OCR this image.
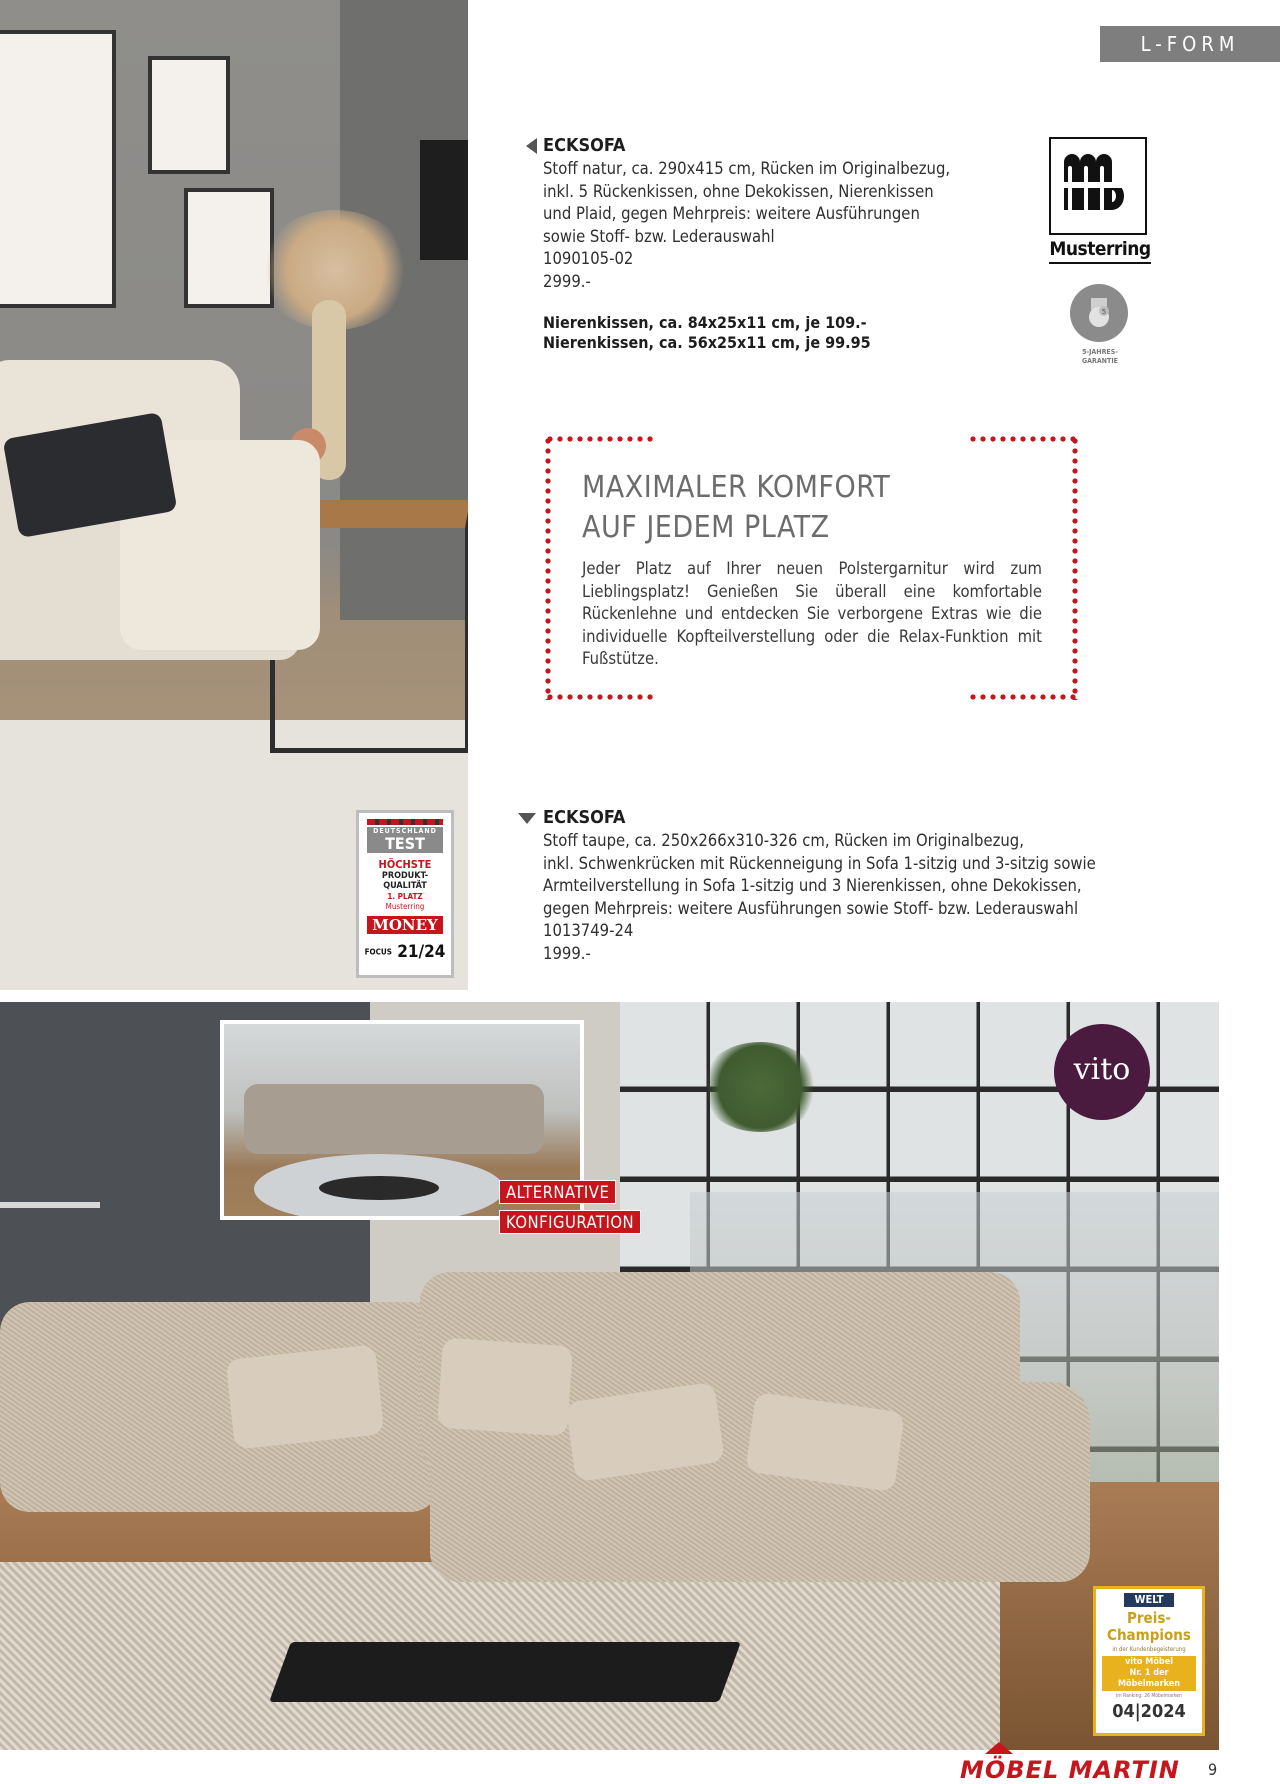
DEUTSCHLAND
TEST
HÖCHSTE
PRODUKT-
QUALITÄT
1. PLATZ
Musterring
MONEY
FOCUS 21/24
L-FORM
ECKSOFA
Stoff natur, ca. 290x415 cm, Rücken im Originalbezug,
inkl. 5 Rückenkissen, ohne Dekokissen, Nierenkissen
und Plaid, gegen Mehrpreis: weitere Ausführungen
sowie Stoff- bzw. Lederauswahl
1090105-02
2999.-
Nierenkissen, ca. 84x25x11 cm, je 109.-
Nierenkissen, ca. 56x25x11 cm, je 99.95
Musterring
5
5-JAHRES-
GARANTIE
MAXIMALER KOMFORT
AUF JEDEM PLATZ
Jeder Platz auf Ihrer neuen Polstergarnitur wird zum Lieblingsplatz! Genießen Sie überall eine komfortable Rückenlehne und entdecken Sie verborgene Extras wie die individuelle Kopfteilverstellung oder die Relax-Funktion mit Fußstütze.
ECKSOFA
Stoff taupe, ca. 250x266x310-326 cm, Rücken im Originalbezug,
inkl. Schwenkrücken mit Rückenneigung in Sofa 1-sitzig und 3-sitzig sowie
Armteilverstellung in Sofa 1-sitzig und 3 Nierenkissen, ohne Dekokissen,
gegen Mehrpreis: weitere Ausführungen sowie Stoff- bzw. Lederauswahl
1013749-24
1999.-
ALTERNATIVE
KONFIGURATION
vito
WELT
Preis-
Champions
in der Kundenbegeisterung
vito Möbel
Nr. 1 der Möbelmarken
im Ranking: 26 Möbelmarken
04|2024
MÖBEL MARTIN 9
